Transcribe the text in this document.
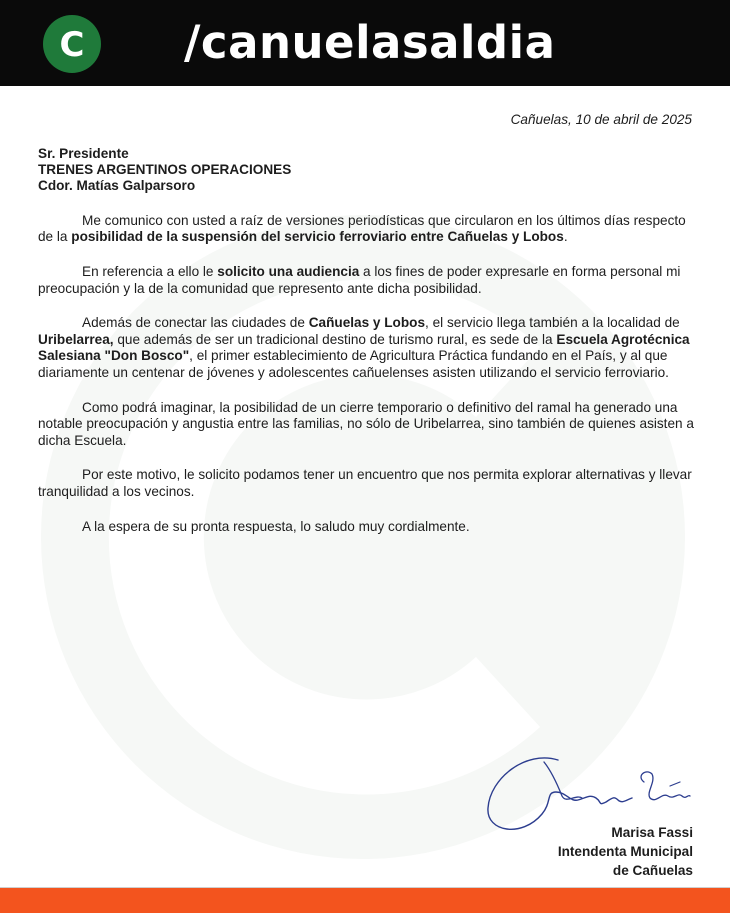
C /canuelasaldia
Cañuelas, 10 de abril de 2025
Sr. Presidente
TRENES ARGENTINOS OPERACIONES
Cdor. Matías Galparsoro
Me comunico con usted a raíz de versiones periodísticas que circularon en los últimos días respecto de la posibilidad de la suspensión del servicio ferroviario entre Cañuelas y Lobos.
En referencia a ello le solicito una audiencia a los fines de poder expresarle en forma personal mi preocupación y la de la comunidad que represento ante dicha posibilidad.
Además de conectar las ciudades de Cañuelas y Lobos, el servicio llega también a la localidad de Uribelarrea, que además de ser un tradicional destino de turismo rural, es sede de la Escuela Agrotécnica Salesiana "Don Bosco", el primer establecimiento de Agricultura Práctica fundando en el País, y al que diariamente un centenar de jóvenes y adolescentes cañuelenses asisten utilizando el servicio ferroviario.
Como podrá imaginar, la posibilidad de un cierre temporario o definitivo del ramal ha generado una notable preocupación y angustia entre las familias, no sólo de Uribelarrea, sino también de quienes asisten a dicha Escuela.
Por este motivo, le solicito podamos tener un encuentro que nos permita explorar alternativas y llevar tranquilidad a los vecinos.
A la espera de su pronta respuesta, lo saludo muy cordialmente.
Marisa Fassi
Intendenta Municipal
de Cañuelas
